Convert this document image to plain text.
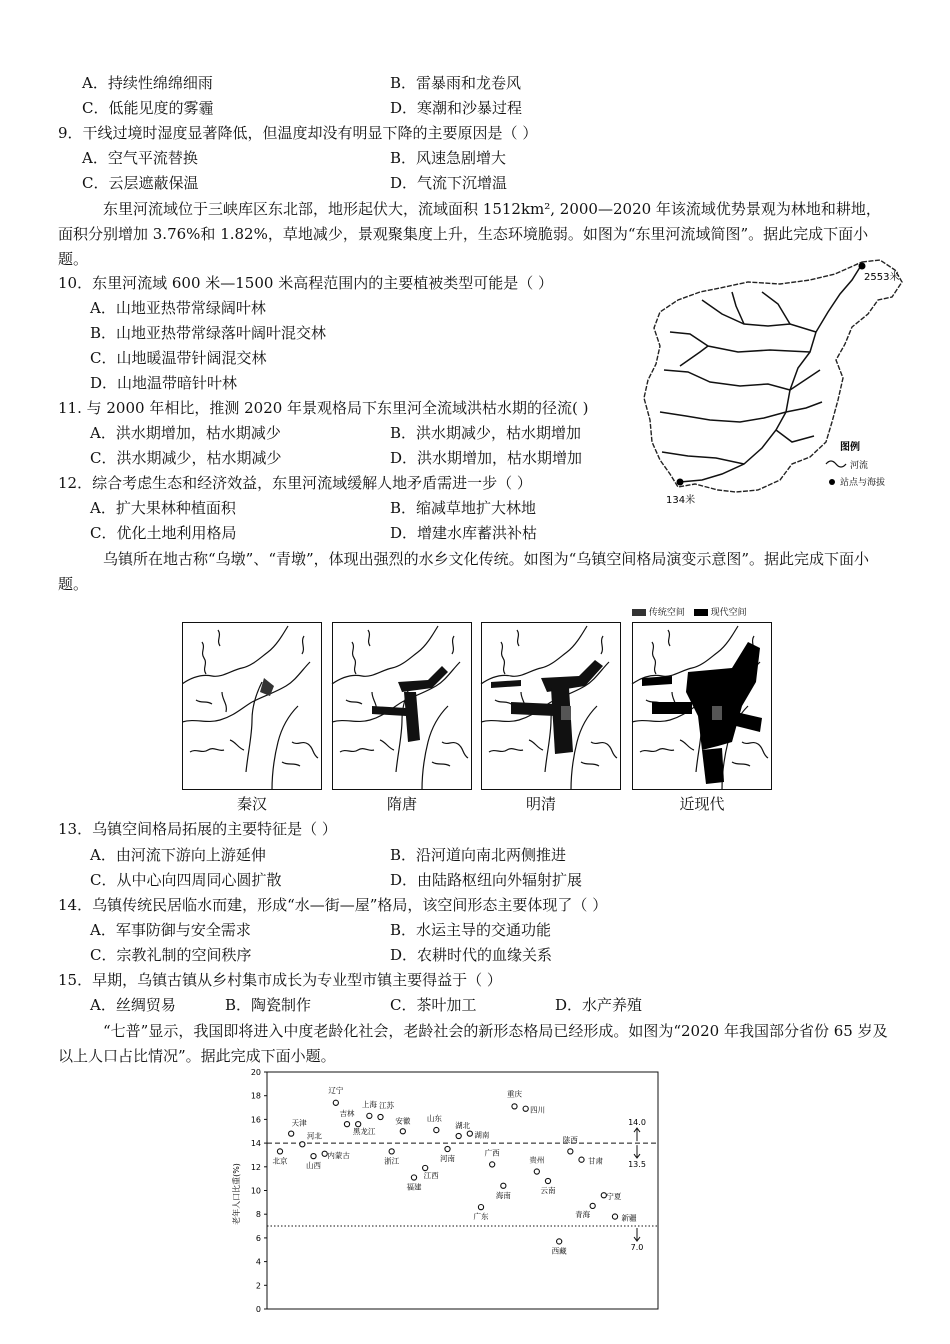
A．持续性绵绵细雨	B．雷暴雨和龙卷风
C．低能见度的雾霾	D．寒潮和沙暴过程
9．干线过境时湿度显著降低，但温度却没有明显下降的主要原因是（ ）
A．空气平流替换	B．风速急剧增大
C．云层遮蔽保温	D．气流下沉增温
东里河流域位于三峡库区东北部，地形起伏大，流域面积 1512km², 2000—2020 年该流域优势景观为林地和耕地，面积分别增加 3.76%和 1.82%，草地减少，景观聚集度上升，生态环境脆弱。如图为“东里河流域简图”。据此完成下面小题。
10．东里河流域 600 米—1500 米高程范围内的主要植被类型可能是（ ）
A．山地亚热带常绿阔叶林
B．山地亚热带常绿落叶阔叶混交林
C．山地暖温带针阔混交林
D．山地温带暗针叶林
11. 与 2000 年相比，推测 2020 年景观格局下东里河全流域洪枯水期的径流( )
A．洪水期增加，枯水期减少	B．洪水期减少，枯水期增加
C．洪水期减少，枯水期减少	D．洪水期增加，枯水期增加
12．综合考虑生态和经济效益，东里河流域缓解人地矛盾需进一步（ ）
A．扩大果林种植面积	B．缩减草地扩大林地
C．优化土地利用格局	D．增建水库蓄洪补枯
2553米
134米
图例
河流
站点与海拔
乌镇所在地古称“乌墩”、“青墩”，体现出强烈的水乡文化传统。如图为“乌镇空间格局演变示意图”。据此完成下面小题。
传统空间	现代空间
秦汉	隋唐	明清	近现代
13．乌镇空间格局拓展的主要特征是（ ）
A．由河流下游向上游延伸	B．沿河道向南北两侧推进
C．从中心向四周同心圆扩散	D．由陆路枢纽向外辐射扩展
14．乌镇传统民居临水而建，形成“水—街—屋”格局，该空间形态主要体现了（ ）
A．军事防御与安全需求	B．水运主导的交通功能
C．宗教礼制的空间秩序	D．农耕时代的血缘关系
15．早期，乌镇古镇从乡村集市成长为专业型市镇主要得益于（ ）
A．丝绸贸易	B．陶瓷制作	C．茶叶加工	D．水产养殖
“七普”显示，我国即将进入中度老龄化社会，老龄社会的新形态格局已经形成。如图为“2020 年我国部分省份 65 岁及以上人口占比情况”。据此完成下面小题。
老年人口比重(%)
0
2
4
6
8
10
12
14
16
18
20
北京
天津
河北
山西
内蒙古
辽宁
吉林
黑龙江
上海 江苏
浙江
安徽
福建
江西
山东
河南
湖北
湖南
广东
广西
海南
重庆
四川
贵州
云南
西藏
陕西
甘肃
青海
宁夏
新疆
14.0
13.5
7.0
